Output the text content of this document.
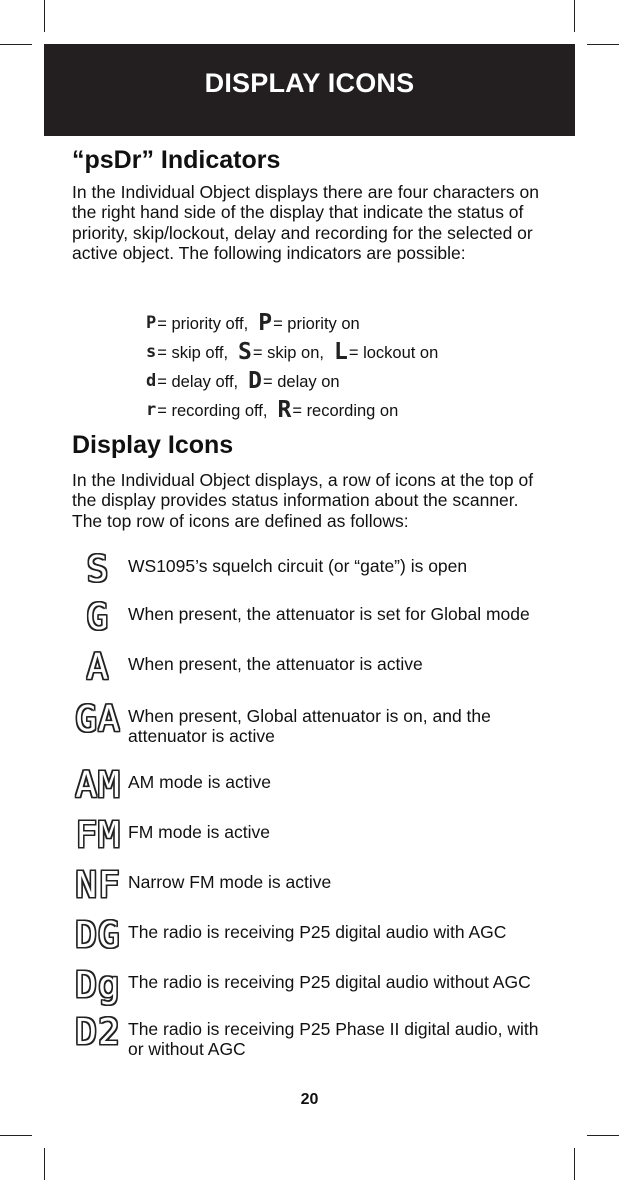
DISPLAY ICONS
“psDr” Indicators

In the Individual Object displays there are four characters on the right hand side of the display that indicate the status of priority, skip/lockout, delay and recording for the selected or active object. The following indicators are possible:

P = priority off, P = priority on
s = skip off, S = skip on, L = lockout on
d = delay off, D = delay on
r = recording off, R = recording on
Display Icons

In the Individual Object displays, a row of icons at the top of the display provides status information about the scanner. The top row of icons are defined as follows:

S	WS1095’s squelch circuit (or “gate”) is open
G	When present, the attenuator is set for Global mode
A	When present, the attenuator is active
GA When present, Global attenuator is on, and the attenuator is active
AM AM mode is active
FM FM mode is active
NF Narrow FM mode is active
DG The radio is receiving P25 digital audio with AGC
Dg The radio is receiving P25 digital audio without AGC
D2 The radio is receiving P25 Phase II digital audio, with or without AGC
20
